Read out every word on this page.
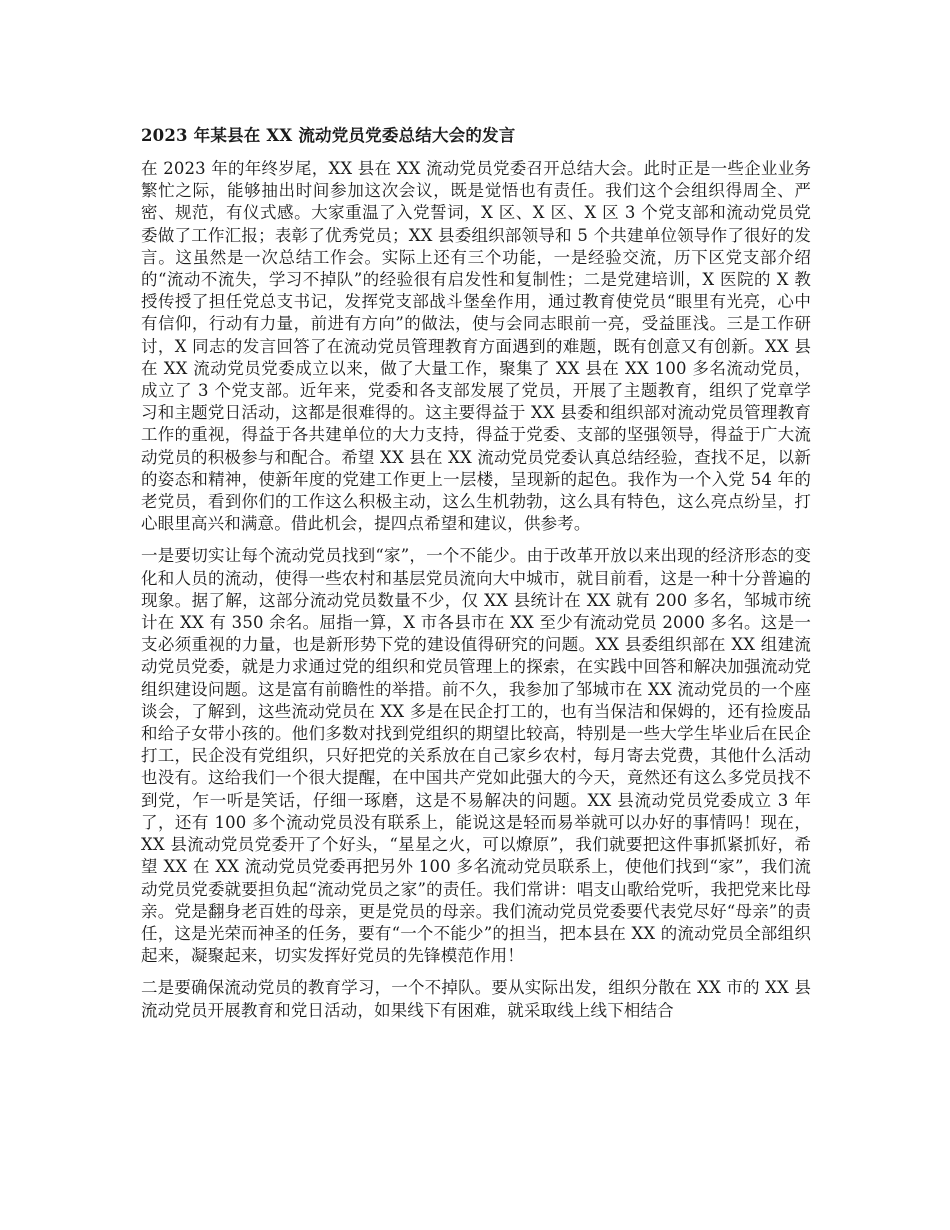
2023 年某县在 XX 流动党员党委总结大会的发言

在 2023 年的年终岁尾，XX 县在 XX 流动党员党委召开总结大会。此时正是一些企业业务繁忙之际，能够抽出时间参加这次会议，既是觉悟也有责任。我们这个会组织得周全、严密、规范，有仪式感。大家重温了入党誓词，X 区、X 区、X 区 3 个党支部和流动党员党委做了工作汇报；表彰了优秀党员；XX 县委组织部领导和 5 个共建单位领导作了很好的发言。这虽然是一次总结工作会。实际上还有三个功能，一是经验交流，历下区党支部介绍的“流动不流失，学习不掉队”的经验很有启发性和复制性；二是党建培训，X 医院的 X 教授传授了担任党总支书记，发挥党支部战斗堡垒作用，通过教育使党员“眼里有光亮，心中有信仰，行动有力量，前进有方向”的做法，使与会同志眼前一亮，受益匪浅。三是工作研讨，X 同志的发言回答了在流动党员管理教育方面遇到的难题，既有创意又有创新。XX 县在 XX 流动党员党委成立以来，做了大量工作，聚集了 XX 县在 XX 100 多名流动党员，成立了 3 个党支部。近年来，党委和各支部发展了党员，开展了主题教育，组织了党章学习和主题党日活动，这都是很难得的。这主要得益于 XX 县委和组织部对流动党员管理教育工作的重视，得益于各共建单位的大力支持，得益于党委、支部的坚强领导，得益于广大流动党员的积极参与和配合。希望 XX 县在 XX 流动党员党委认真总结经验，查找不足，以新的姿态和精神，使新年度的党建工作更上一层楼，呈现新的起色。我作为一个入党 54 年的老党员，看到你们的工作这么积极主动，这么生机勃勃，这么具有特色，这么亮点纷呈，打心眼里高兴和满意。借此机会，提四点希望和建议，供参考。

一是要切实让每个流动党员找到“家”，一个不能少。由于改革开放以来出现的经济形态的变化和人员的流动，使得一些农村和基层党员流向大中城市，就目前看，这是一种十分普遍的现象。据了解，这部分流动党员数量不少，仅 XX 县统计在 XX 就有 200 多名，邹城市统计在 XX 有 350 余名。屈指一算，X 市各县市在 XX 至少有流动党员 2000 多名。这是一支必须重视的力量，也是新形势下党的建设值得研究的问题。XX 县委组织部在 XX 组建流动党员党委，就是力求通过党的组织和党员管理上的探索，在实践中回答和解决加强流动党组织建设问题。这是富有前瞻性的举措。前不久，我参加了邹城市在 XX 流动党员的一个座谈会，了解到，这些流动党员在 XX 多是在民企打工的，也有当保洁和保姆的，还有捡废品和给子女带小孩的。他们多数对找到党组织的期望比较高，特别是一些大学生毕业后在民企打工，民企没有党组织，只好把党的关系放在自己家乡农村，每月寄去党费，其他什么活动也没有。这给我们一个很大提醒，在中国共产党如此强大的今天，竟然还有这么多党员找不到党，乍一听是笑话，仔细一琢磨，这是不易解决的问题。XX 县流动党员党委成立 3 年了，还有 100 多个流动党员没有联系上，能说这是轻而易举就可以办好的事情吗！现在，XX 县流动党员党委开了个好头，“星星之火，可以燎原”，我们就要把这件事抓紧抓好，希望 XX 在 XX 流动党员党委再把另外 100 多名流动党员联系上，使他们找到“家”，我们流动党员党委就要担负起“流动党员之家”的责任。我们常讲：唱支山歌给党听，我把党来比母亲。党是翻身老百姓的母亲，更是党员的母亲。我们流动党员党委要代表党尽好“母亲”的责任，这是光荣而神圣的任务，要有“一个不能少”的担当，把本县在 XX 的流动党员全部组织起来，凝聚起来，切实发挥好党员的先锋模范作用！

二是要确保流动党员的教育学习，一个不掉队。要从实际出发，组织分散在 XX 市的 XX 县流动党员开展教育和党日活动，如果线下有困难，就采取线上线下相结合
